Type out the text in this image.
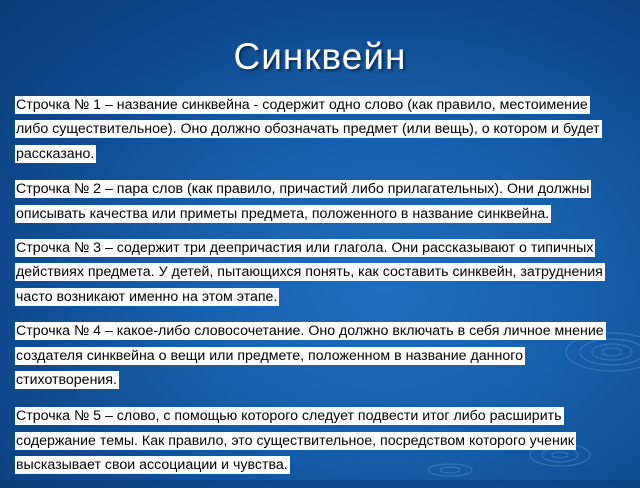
Синквейн

Строчка № 1 – название синквейна - содержит одно слово (как правило, местоимение либо существительное). Оно должно обозначать предмет (или вещь), о котором и будет рассказано.

Строчка № 2 – пара слов (как правило, причастий либо прилагательных). Они должны описывать качества или приметы предмета, положенного в название синквейна.

Строчка № 3 – содержит три деепричастия или глагола. Они рассказывают о типичных действиях предмета. У детей, пытающихся понять, как составить синквейн, затруднения часто возникают именно на этом этапе.

Строчка № 4 – какое-либо словосочетание. Оно должно включать в себя личное мнение создателя синквейна о вещи или предмете, положенном в название данного стихотворения.

Строчка № 5 – слово, с помощью которого следует подвести итог либо расширить содержание темы. Как правило, это существительное, посредством которого ученик высказывает свои ассоциации и чувства.
